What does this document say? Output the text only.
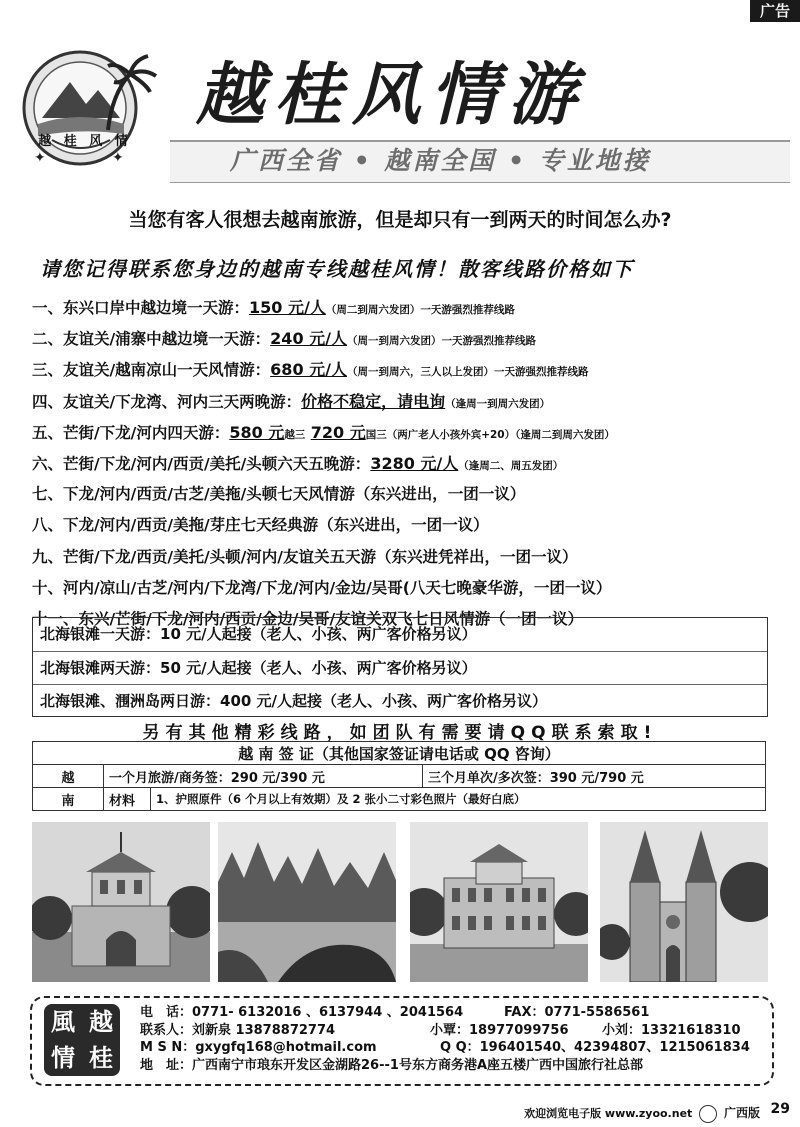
广告
✦	✦
越 桂 风 情
越桂风情游
广西全省 • 越南全国 • 专业地接
当您有客人很想去越南旅游，但是却只有一到两天的时间怎么办?
请您记得联系您身边的越南专线越桂风情！散客线路价格如下
一、东兴口岸中越边境一天游：150 元/人（周二到周六发团）一天游强烈推荐线路
二、友谊关/浦寨中越边境一天游：240 元/人（周一到周六发团）一天游强烈推荐线路
三、友谊关/越南凉山一天风情游：680 元/人（周一到周六，三人以上发团）一天游强烈推荐线路
四、友谊关/下龙湾、河内三天两晚游：价格不稳定，请电询（逢周一到周六发团）
五、芒街/下龙/河内四天游：580 元越三 720 元国三（两广老人小孩外宾+20）（逢周二到周六发团）
六、芒街/下龙/河内/西贡/美托/头顿六天五晚游：3280 元/人（逢周二、周五发团）
七、下龙/河内/西贡/古芝/美拖/头顿七天风情游（东兴进出，一团一议）
八、下龙/河内/西贡/美拖/芽庄七天经典游（东兴进出，一团一议）
九、芒街/下龙/西贡/美托/头顿/河内/友谊关五天游（东兴进凭祥出，一团一议）
十、河内/凉山/古芝/河内/下龙湾/下龙/河内/金边/吴哥(八天七晚豪华游，一团一议）
十一、东兴/芒街/下龙/河内/西贡/金边/吴哥/友谊关双飞七日风情游（一团一议）
北海银滩一天游：10 元/人起接（老人、小孩、两广客价格另议）
北海银滩两天游：50 元/人起接（老人、小孩、两广客价格另议）
北海银滩、涠洲岛两日游：400 元/人起接（老人、小孩、两广客价格另议）
另有其他精彩线路，如团队有需要请QQ联系索取!
越 南 签 证（其他国家签证请电话或 QQ 咨询）			
越	一个月旅游/商务签：290 元/390 元		三个月单次/多次签：390 元/790 元
南	材料	1、护照原件（6 个月以上有效期）及 2 张小二寸彩色照片（最好白底）	
風 越
情 桂
电　话：0771- 6132016 、6137944 、2041564	FAX：0771-5586561
联系人：刘新泉 13878872774	小覃：18977099756	小刘：13321618310
M S N：gxygfq168@hotmail.com	Q Q：196401540、42394807、1215061834
地　址：广西南宁市琅东开发区金湖路26--1号东方商务港A座五楼广西中国旅行社总部
欢迎浏览电子版 www.zyoo.net	广西版 29
